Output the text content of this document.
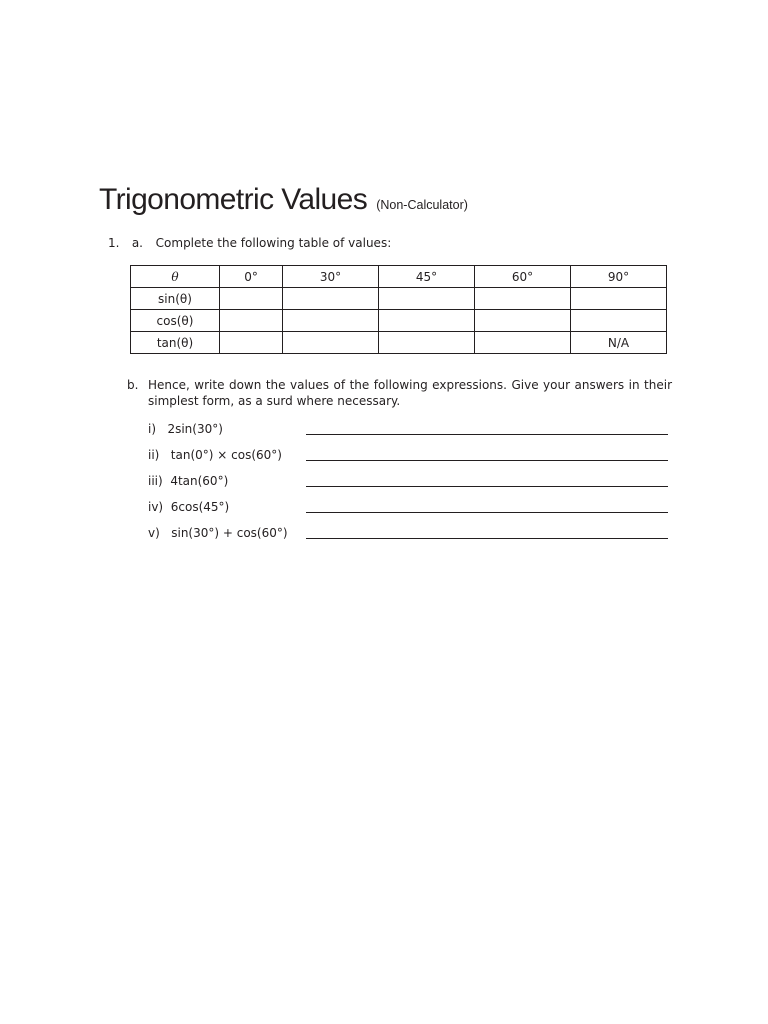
Trigonometric Values (Non-Calculator)
1. a. Complete the following table of values:
θ	0°	30°	45°	60°	90°
sin(θ)					
cos(θ)					
tan(θ)					N/A
b. Hence, write down the values of the following expressions. Give your answers in their simplest form, as a surd where necessary.
i)   2sin(30°)
ii)   tan(0°) × cos(60°)
iii)  4tan(60°)
iv)  6cos(45°)
v)   sin(30°) + cos(60°)
